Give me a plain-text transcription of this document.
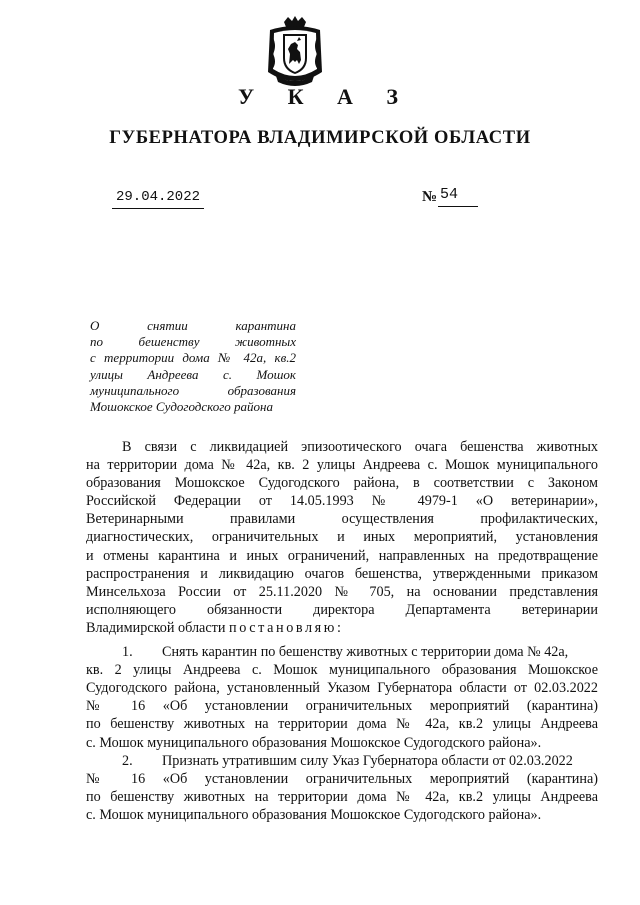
У К А З
ГУБЕРНАТОРА ВЛАДИМИРСКОЙ ОБЛАСТИ
29.04.2022	№ 54
О	снятии	карантина
по	бешенству	животных
с территории дома № 42а, кв.2
улицы Андреева с. Мошок
муниципального	образования
Мошокское Судогодского района
В связи с ликвидацией эпизоотического очага бешенства животных
на территории дома № 42а, кв. 2 улицы Андреева с. Мошок муниципального
образования Мошокское Судогодского района, в соответствии с Законом
Российской Федерации от 14.05.1993 № 4979-1 «О ветеринарии»,
Ветеринарными правилами осуществления профилактических,
диагностических, ограничительных и иных мероприятий, установления
и отмены карантина и иных ограничений, направленных на предотвращение
распространения и ликвидацию очагов бешенства, утвержденными приказом
Минсельхоза России от 25.11.2020 № 705, на основании представления
исполняющего обязанности директора Департамента ветеринарии
Владимирской области постановляю:
1. Снять карантин по бешенству животных с территории дома № 42а,
кв. 2 улицы Андреева с. Мошок муниципального образования Мошокское
Судогодского района, установленный Указом Губернатора области от 02.03.2022
№ 16 «Об установлении ограничительных мероприятий (карантина)
по бешенству животных на территории дома № 42а, кв.2 улицы Андреева
с. Мошок муниципального образования Мошокское Судогодского района».
2. Признать утратившим силу Указ Губернатора области от 02.03.2022
№ 16 «Об установлении ограничительных мероприятий (карантина)
по бешенству животных на территории дома № 42а, кв.2 улицы Андреева
с. Мошок муниципального образования Мошокское Судогодского района».
